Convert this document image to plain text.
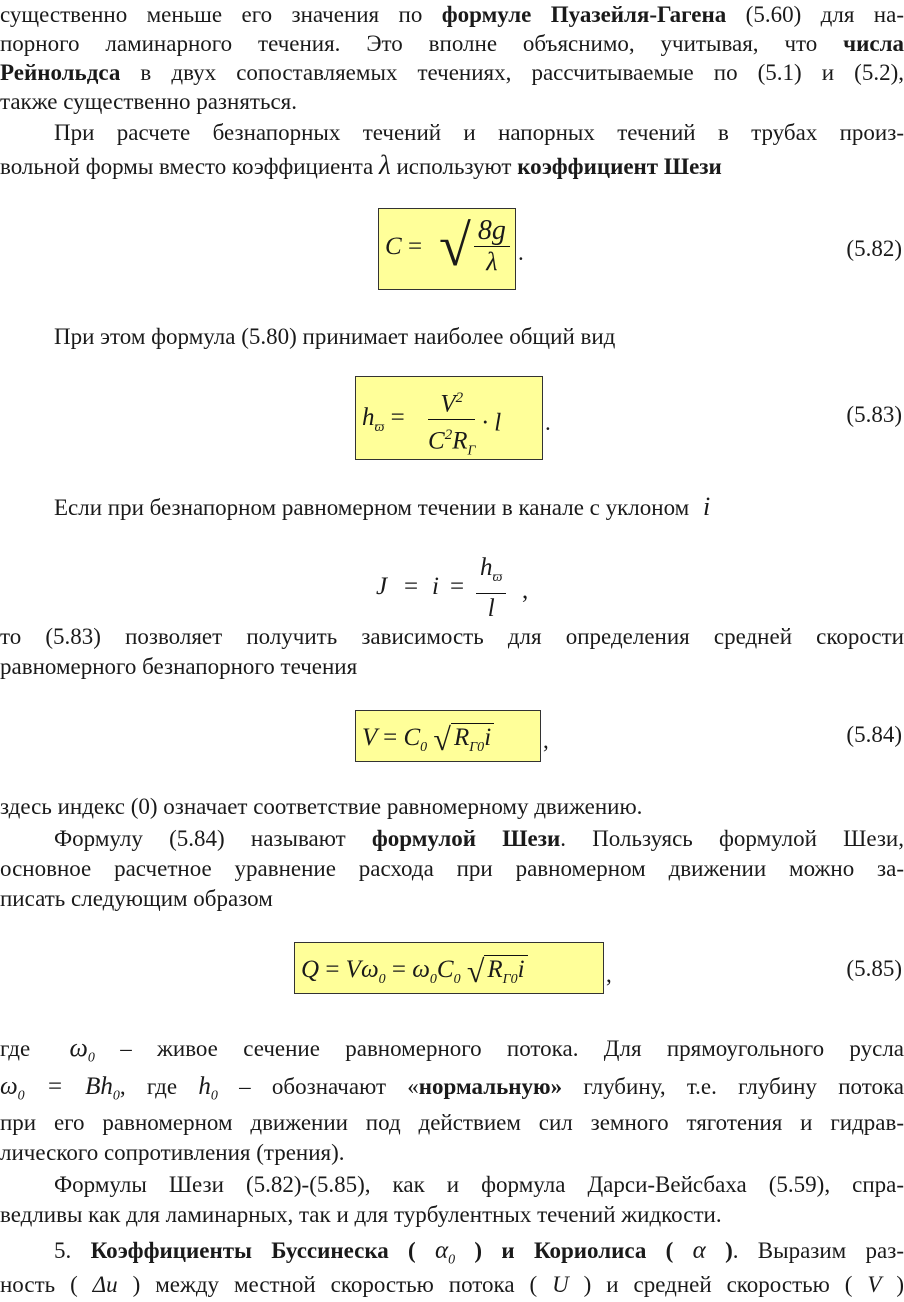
существенно меньше его значения по формуле Пуазейля-Гагена (5.60) для на-
порного ламинарного течения. Это вполне объяснимо, учитывая, что числа
Рейнольдса в двух сопоставляемых течениях, рассчитываемые по (5.1) и (5.2),
также существенно разняться.
При расчете безнапорных течений и напорных течений в трубах произ-
вольной формы вместо коэффициента λ используют коэффициент Шези
C = √ $\frac{8g}{\lambda}$ .	(5.82)
При этом формула (5.80) принимает наиболее общий вид
$h_ϖ = \frac{V^2}{C^2R_\Gamma} \cdot l$ .	(5.83)
Если при безнапорном равномерном течении в канале с уклоном i
$J = i = \frac{h_ϖ}{l}$ ,
то (5.83) позволяет получить зависимость для определения средней скорости
равномерного безнапорного течения
$V = C_0$ √ $R_{\Gamma 0}i$ ,	(5.84)
здесь индекс (0) означает соответствие равномерному движению.
Формулу (5.84) называют формулой Шези. Пользуясь формулой Шези,
основное расчетное уравнение расхода при равномерном движении можно за-
писать следующим образом
$Q = V\omega_0 = \omega_0C_0$ √ $R_{\Gamma 0}i$	,	(5.85)
где $\omega_0$ – живое сечение равномерного потока. Для прямоугольного русла
$\omega_0 = Bh_0$, где $h_0$ – обозначают «нормальную» глубину, т.е. глубину потока
при его равномерном движении под действием сил земного тяготения и гидрав-
лического сопротивления (трения).
Формулы Шези (5.82)-(5.85), как и формула Дарси-Вейсбаха (5.59), спра-
ведливы как для ламинарных, так и для турбулентных течений жидкости.
5. Коэффициенты Буссинеска ( $\alpha_0$ ) и Кориолиса ( α ). Выразим раз-
ность ( Δu ) между местной скоростью потока ( U ) и средней скоростью ( V )
